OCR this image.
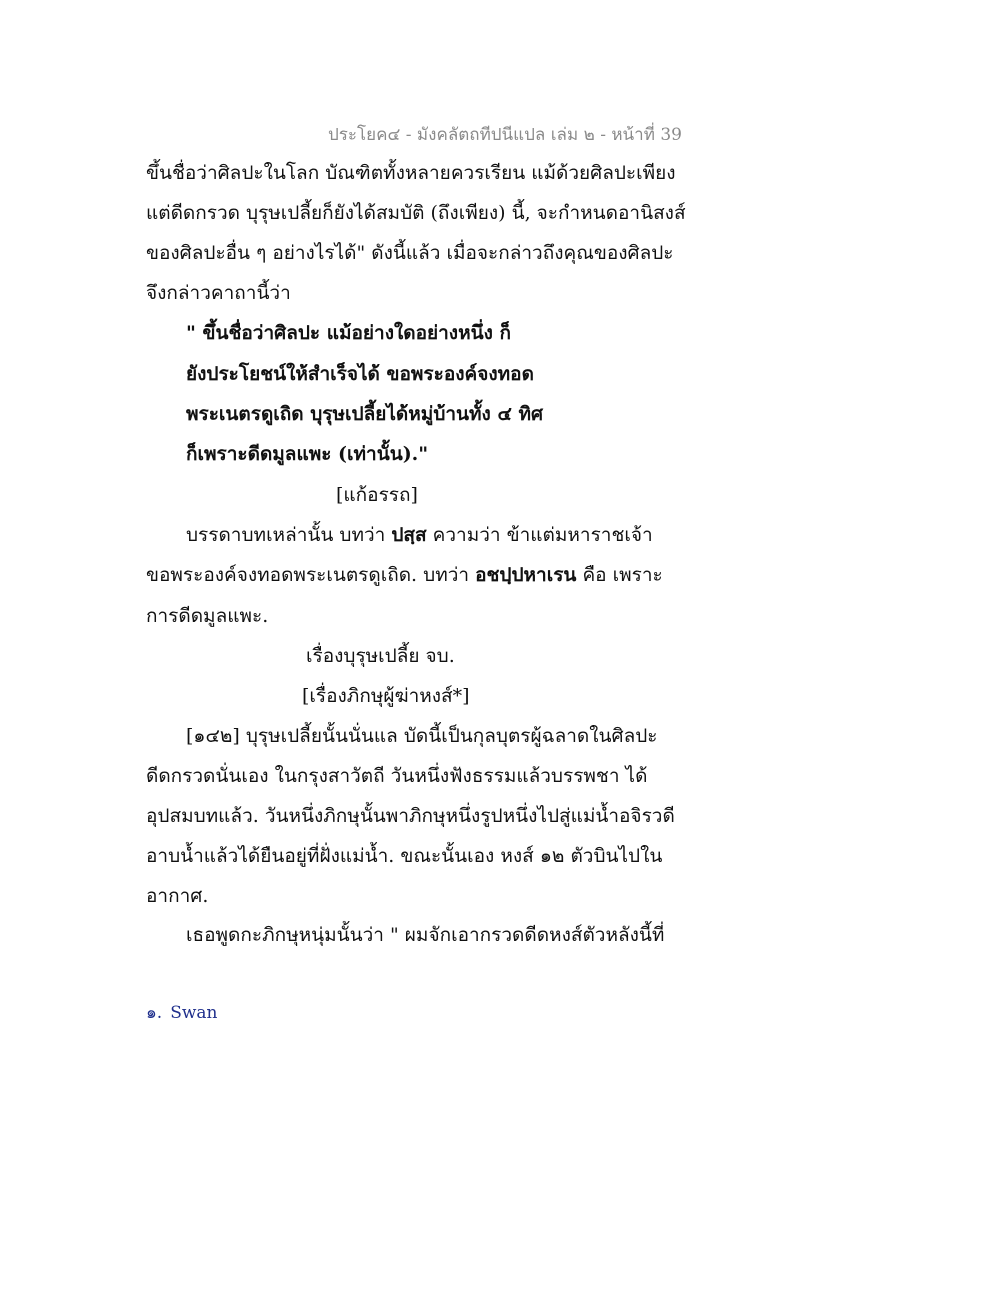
ประโยค๔ - มังคลัตถทีปนีแปล เล่ม ๒ - หน้าที่ 39
ขึ้นชื่อว่าศิลปะในโลก บัณฑิตทั้งหลายควรเรียน แม้ด้วยศิลปะเพียง
แต่ดีดกรวด บุรุษเปลี้ยก็ยังได้สมบัติ (ถึงเพียง) นี้, จะกำหนดอานิสงส์
ของศิลปะอื่น ๆ อย่างไรได้" ดังนี้แล้ว เมื่อจะกล่าวถึงคุณของศิลปะ
จึงกล่าวคาถานี้ว่า
" ขึ้นชื่อว่าศิลปะ แม้อย่างใดอย่างหนึ่ง ก็
ยังประโยชน์ให้สำเร็จได้ ขอพระองค์จงทอด
พระเนตรดูเถิด บุรุษเปลี้ยได้หมู่บ้านทั้ง ๔ ทิศ
ก็เพราะดีดมูลแพะ (เท่านั้น)."
[แก้อรรถ]
บรรดาบทเหล่านั้น บทว่า ปสฺส ความว่า ข้าแต่มหาราชเจ้า
ขอพระองค์จงทอดพระเนตรดูเถิด. บทว่า อชปฺปหาเรน คือ เพราะ
การดีดมูลแพะ.
เรื่องบุรุษเปลี้ย จบ.
[เรื่องภิกษุผู้ฆ่าหงส์*]
[๑๔๒] บุรุษเปลี้ยนั้นนั่นแล บัดนี้เป็นกุลบุตรผู้ฉลาดในศิลปะ
ดีดกรวดนั่นเอง ในกรุงสาวัตถี วันหนึ่งฟังธรรมแล้วบรรพชา ได้
อุปสมบทแล้ว. วันหนึ่งภิกษุนั้นพาภิกษุหนึ่งรูปหนึ่งไปสู่แม่น้ำอจิรวดี
อาบน้ำแล้วได้ยืนอยู่ที่ฝั่งแม่น้ำ. ขณะนั้นเอง หงส์ ๑๒ ตัวบินไปใน
อากาศ.
เธอพูดกะภิกษุหนุ่มนั้นว่า " ผมจักเอากรวดดีดหงส์ตัวหลังนี้ที่
๑. Swan
